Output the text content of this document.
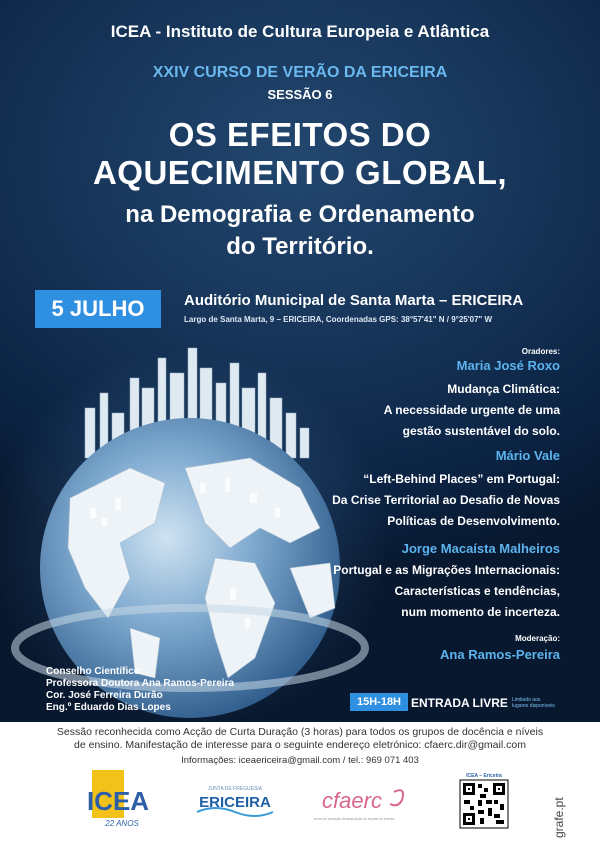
ICEA - Instituto de Cultura Europeia e Atlântica
XXIV CURSO DE VERÃO DA ERICEIRA
SESSÃO 6
OS EFEITOS DO
AQUECIMENTO GLOBAL,
na Demografia e Ordenamento
do Território.
5 JULHO	Auditório Municipal de Santa Marta – ERICEIRA
Largo de Santa Marta, 9 – ERICEIRA, Coordenadas GPS: 38°57'41" N / 9°25'07" W
Oradores:
Maria José Roxo
Mudança Climática:
A necessidade urgente de uma
gestão sustentável do solo.
Mário Vale
“Left-Behind Places” em Portugal:
Da Crise Territorial ao Desafio de Novas
Políticas de Desenvolvimento.
Jorge Macaísta Malheiros
Portugal e as Migrações Internacionais:
Características e tendências,
num momento de incerteza.
Moderação:
Ana Ramos-Pereira
Conselho Científico:
Professora Doutora Ana Ramos-Pereira
Cor. José Ferreira Durão
Eng.º Eduardo Dias Lopes	15H-18H ENTRADA LIVRE Limitado aos
lugares disponíveis
Sessão reconhecida como Acção de Curta Duração (3 horas) para todos os grupos de docência e níveis
de ensino. Manifestação de interesse para o seguinte endereço eletrónico: cfaerc.dir@gmail.com
Informações: iceaericeira@gmail.com / tel.: 969 071 403
ICEA
22 ANOS
JUNTA DE FREGUESIA
ERICEIRA cfaerc
centro de formação da associação de escolas de ericeira
ICEA – Ericeira
grafe.pt
